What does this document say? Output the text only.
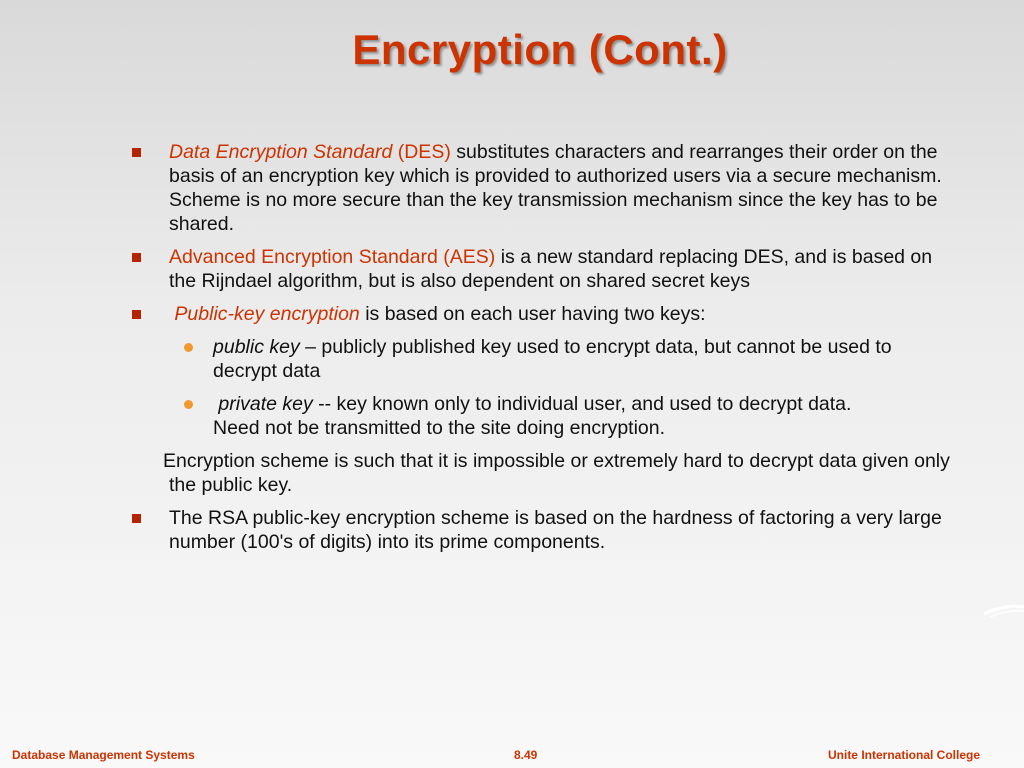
Encryption (Cont.)
Data Encryption Standard (DES) substitutes characters and rearranges their order on the basis of an encryption key which is provided to authorized users via a secure mechanism. Scheme is no more secure than the key transmission mechanism since the key has to be shared.
Advanced Encryption Standard (AES) is a new standard replacing DES, and is based on the Rijndael algorithm, but is also dependent on shared secret keys
Public-key encryption is based on each user having two keys:
public key – publicly published key used to encrypt data, but cannot be used to decrypt data
private key -- key known only to individual user, and used to decrypt data.
Need not be transmitted to the site doing encryption.
Encryption scheme is such that it is impossible or extremely hard to decrypt data given only the public key.
The RSA public-key encryption scheme is based on the hardness of factoring a very large number (100's of digits) into its prime components.
Database Management Systems	8.49	Unite International College
